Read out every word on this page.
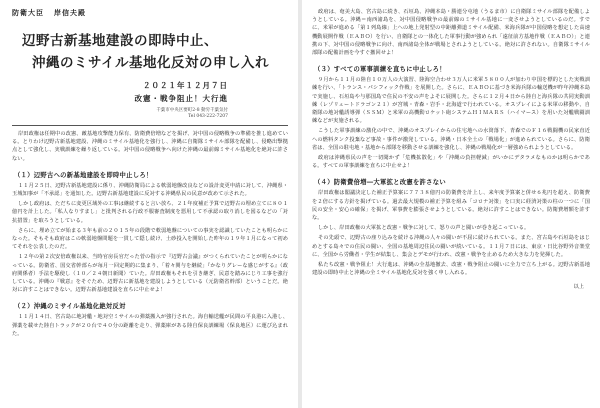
防衛大臣 岸信夫殿
辺野古新基地建設の即時中止、
沖縄のミサイル基地化反対の申し入れ
２０２１年１２月７日
改憲・戦争阻止！大行進
千葉市中央区要町2-8 動労千葉気付
Tel 043-222-7207

岸田政権は任期中の改憲、敵基地攻撃能力保有、防衛費倍増などを掲げ、対中国の侵略戦争の準備を推し進めている。とりわけ辺野古新基地建設、沖縄のミサイル基地化を強行し、沖縄に自衛隊ミサイル部隊を配備し、侵略出撃拠点として強化し、実戦訓練を繰り返している。対中国の侵略戦争へ向けた沖縄の最前線ミサイル基地化を絶対に許さない。

（１）辺野古への新基地建設を即時中止しろ！

１１月２５日、辺野古新基地建設に係り、沖縄防衛局による軟弱地盤改良などの設計変更申請に対して、沖縄県・玉城知事が「不承認」を通知した。辺野古新基地建設に反対する沖縄県民の民意が改めて示された。

しかし政府は、ただちに変更区域外の工事は継続すると言い放ち、２１年度補正予算で辺野古の埋め立てに８０１億円を計上した。「私人なりすまし」と批判される行政不服審査制度を悪用して不承認の取り消しを図るなどの「対抗措置」を取ろうとしている。

さらに、埋め立てが始まる３年も前の２０１５年の段階で軟弱地盤についての事実を認識していたことも明らかになった。そもそも政府はこの軟弱地盤問題を一貫して隠し続け、土砂投入を開始した昨年の１９年１月になって初めてそれを公表したのだ。

１２年の第２次安倍政権以来、当時官房長官だった菅の指示で『辺野古会議』がつくられていたことが明らかになっている。防衛省、国交省幹部らが毎月一回定期的に集まり、「着々関与を継続」『かなりグレーな感じがする』（政府関係者）手法を駆使し（１０／２４朝日新聞）ていた。岸田政権もそれを引き継ぎ、民意を踏みにじり工事を強行している。沖縄の『戦意』をそぐため、辺野古に新基地を建設しようとしている（元防衛省幹部）ということだ。絶対に許すことはできない。辺野古新基地建設を直ちに中止せよ！

（２）沖縄のミサイル基地化絶対反対

１１月１４日、宮古島に地対艦・地対空ミサイルの弾薬搬入が強行された。海自輸送艦が民間の平良港に入港し、弾薬を載せた陸自トラックが２０台で４０分の距離を走り、弾薬庫がある陸自保良訓練場（保良地区）に運び込まれた。

政府は、奄美大島、宮古島に続き、石垣島、沖縄本島・勝連分屯地（うるま市）に自衛隊ミサイル部隊を配備しようとしている。沖縄＝南西諸島を、対中国侵略戦争の最前線のミサイル基地に一変させようとしているのだ。すでに、米軍が進める「第１列島線」上への地上発射型の中距離弾道ミサイル配備、米海兵隊が中国侵略を想定した高速機動展開作戦（ＥＡＢＯ）を行い、自衛隊との一体化した軍事行動が強められ「遠征前方基地作戦（ＥＡＢＯ）」と連携の下、対中国の侵略戦争に向け、南西諸島全体が戦場とされようとしている。絶対に許されない。自衛隊ミサイル部隊の配備計画を今すぐ撤回せよ！

（３）すべての軍事訓練を直ちに中止しろ！

９月から１１月の陸自１０万人の大演習、陸海空合わせ３万人に米軍５８００人が加わり中国を標的とした実戦訓練を行い、「トランス・パシフィック作戦」を展開した。さらに、ＥＡＢＯに基づき米海兵隊の輸送機が昨年沖縄本島で実施し、石垣島や与那国島で住民の不安の声をよそに展開した。さらに１２月４日から陸自と海兵隊の共同実動訓練（レゾリュートドラゴン２１）が宮城・青森・岩手・北海道で行われている。オスプレイによる米軍の移動や、自衛隊の地対艦誘導弾（ＳＳＭ）と米軍の高機動ロケット砲システムＨＩＭＡＲＳ（ハイマース）を用いた対艦戦闘訓練などが実施される。

こうした軍事訓練の激化の中で、沖縄のオスプレイからの住宅地への水筒落下、青森でのＦ１６戦闘機の民家直近への燃料タンク投棄など事故・事件が激発している。沖縄・日本全土の「戦場化」が進められている。さらに、防衛省は、全国の駐屯地・基地から部隊を移動させる訓練を強化し、沖縄の戦場化が一層強められようとしている。

政府は沖縄県民の声を一切聞かず「危機拡散化」や「沖縄の負担軽減」がいかにデタラメなものかは明らかである。すべての軍事訓練を直ちに中止せよ！

（４）防衛費倍増―大軍拡と改憲を許さない

岸田政権は閣議決定した補正予算案に７７３８億円の防衛費を計上し、来年度予算案と併せ６兆円を超え、防衛費を２倍にする方針を掲げている。過去最大規模の補正予算を組み「コロナ対策」を口実に経済対策の柱の一つに「国民の安全・安心の確保」を掲げ、軍事費を膨張させようとしている。絶対に許すことはできない。防衛費増額を許すな。

しかし、岸田政権の大軍拡と改憲・戦争に対して、怒りの声と闘いが巻き起こっている。

その先頭で、辺野古の座り込みを続ける沖縄の人々の闘いが不屈に続けられている。また、宮古島や石垣島をはじめとする島々での住民の闘い、全国の基地周辺住民の闘いが続いている。１１月７日には、東京・日比谷野外音楽堂に、全国から労働者・学生が結集し、集会とデモが行われ、改憲・戦争を止めるため大きな力を発揮した。

私たち改憲・戦争阻止！大行進は、沖縄の全基地撤去、改憲・戦争阻止の闘いに全力で立ち上がる。辺野古新基地建設の即時中止と沖縄の全ミサイル基地化反対を強く申し入れる。

以上
